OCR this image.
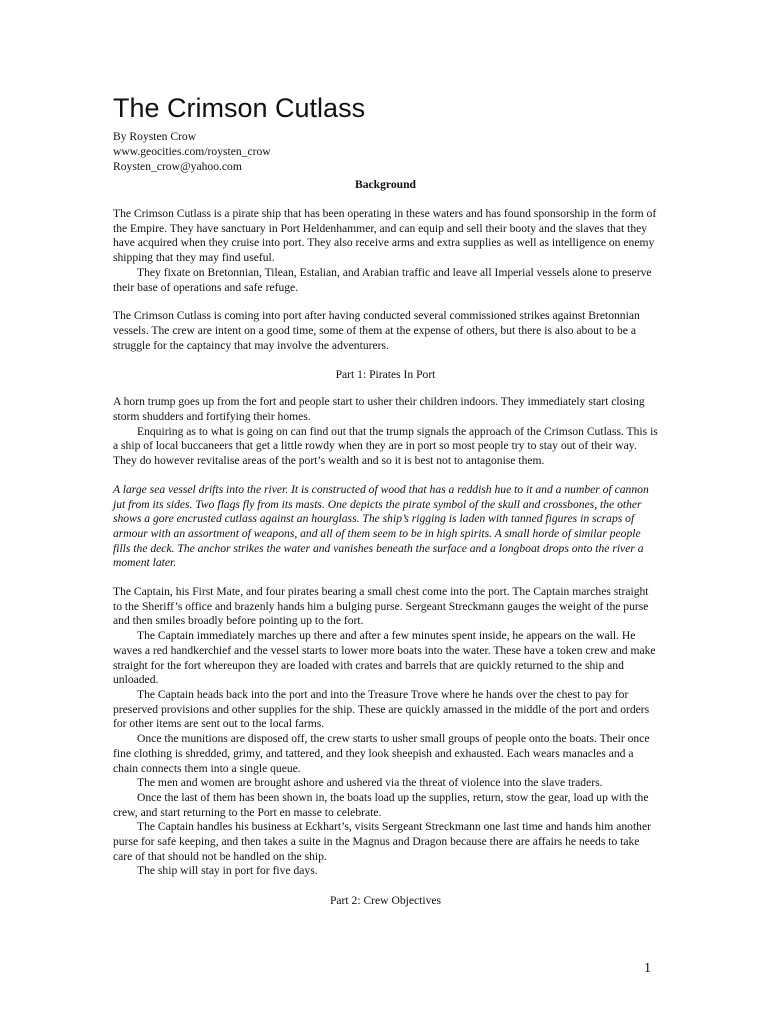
The Crimson Cutlass

By Roysten Crow

www.geocities.com/roysten_crow

Roysten_crow@yahoo.com

Background

The Crimson Cutlass is a pirate ship that has been operating in these waters and has found sponsorship in the form of the Empire. They have sanctuary in Port Heldenhammer, and can equip and sell their booty and the slaves that they have acquired when they cruise into port. They also receive arms and extra supplies as well as intelligence on enemy shipping that they may find useful.

They fixate on Bretonnian, Tilean, Estalian, and Arabian traffic and leave all Imperial vessels alone to preserve their base of operations and safe refuge.

The Crimson Cutlass is coming into port after having conducted several commissioned strikes against Bretonnian vessels. The crew are intent on a good time, some of them at the expense of others, but there is also about to be a struggle for the captaincy that may involve the adventurers.

Part 1: Pirates In Port

A horn trump goes up from the fort and people start to usher their children indoors. They immediately start closing storm shudders and fortifying their homes.

Enquiring as to what is going on can find out that the trump signals the approach of the Crimson Cutlass. This is a ship of local buccaneers that get a little rowdy when they are in port so most people try to stay out of their way. They do however revitalise areas of the port’s wealth and so it is best not to antagonise them.

A large sea vessel drifts into the river. It is constructed of wood that has a reddish hue to it and a number of cannon jut from its sides. Two flags fly from its masts. One depicts the pirate symbol of the skull and crossbones, the other shows a gore encrusted cutlass against an hourglass. The ship’s rigging is laden with tanned figures in scraps of armour with an assortment of weapons, and all of them seem to be in high spirits. A small horde of similar people fills the deck. The anchor strikes the water and vanishes beneath the surface and a longboat drops onto the river a moment later.

The Captain, his First Mate, and four pirates bearing a small chest come into the port. The Captain marches straight to the Sheriff’s office and brazenly hands him a bulging purse. Sergeant Streckmann gauges the weight of the purse and then smiles broadly before pointing up to the fort.

The Captain immediately marches up there and after a few minutes spent inside, he appears on the wall. He waves a red handkerchief and the vessel starts to lower more boats into the water. These have a token crew and make straight for the fort whereupon they are loaded with crates and barrels that are quickly returned to the ship and unloaded.

The Captain heads back into the port and into the Treasure Trove where he hands over the chest to pay for preserved provisions and other supplies for the ship. These are quickly amassed in the middle of the port and orders for other items are sent out to the local farms.

Once the munitions are disposed off, the crew starts to usher small groups of people onto the boats. Their once fine clothing is shredded, grimy, and tattered, and they look sheepish and exhausted. Each wears manacles and a chain connects them into a single queue.

The men and women are brought ashore and ushered via the threat of violence into the slave traders.

Once the last of them has been shown in, the boats load up the supplies, return, stow the gear, load up with the crew, and start returning to the Port en masse to celebrate.

The Captain handles his business at Eckhart’s, visits Sergeant Streckmann one last time and hands him another purse for safe keeping, and then takes a suite in the Magnus and Dragon because there are affairs he needs to take care of that should not be handled on the ship.

The ship will stay in port for five days.

Part 2: Crew Objectives
1
